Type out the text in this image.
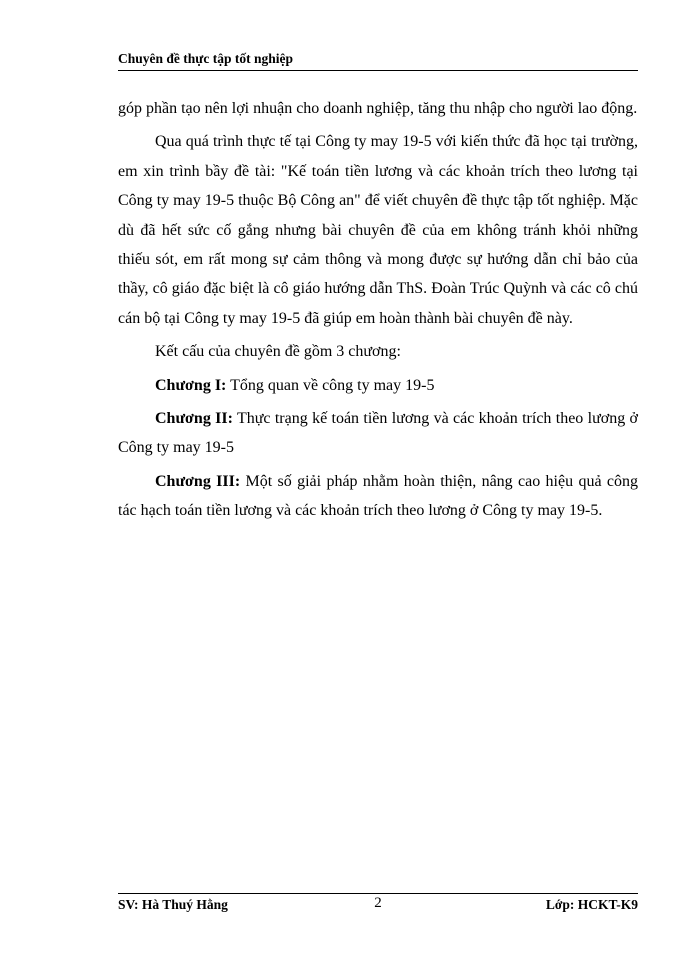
Chuyên đề thực tập tốt nghiệp

góp phần tạo nên lợi nhuận cho doanh nghiệp, tăng thu nhập cho người lao động.

Qua quá trình thực tế tại Công ty may 19-5 với kiến thức đã học tại trường, em xin trình bầy đề tài: "Kế toán tiền lương và các khoản trích theo lương tại Công ty may 19-5 thuộc Bộ Công an" để viết chuyên đề thực tập tốt nghiệp. Mặc dù đã hết sức cố gắng nhưng bài chuyên đề của em không tránh khỏi những thiếu sót, em rất mong sự cảm thông và mong được sự hướng dẫn chỉ bảo của thầy, cô giáo đặc biệt là cô giáo hướng dẫn ThS. Đoàn Trúc Quỳnh và các cô chú cán bộ tại Công ty may 19-5 đã giúp em hoàn thành bài chuyên đề này.

Kết cấu của chuyên đề gồm 3 chương:

Chương I: Tổng quan về công ty may 19-5

Chương II: Thực trạng kế toán tiền lương và các khoản trích theo lương ở Công ty may 19-5

Chương III: Một số giải pháp nhằm hoàn thiện, nâng cao hiệu quả công tác hạch toán tiền lương và các khoản trích theo lương ở Công ty may 19-5.

SV: Hà Thuý Hằng	2	Lớp: HCKT-K9
